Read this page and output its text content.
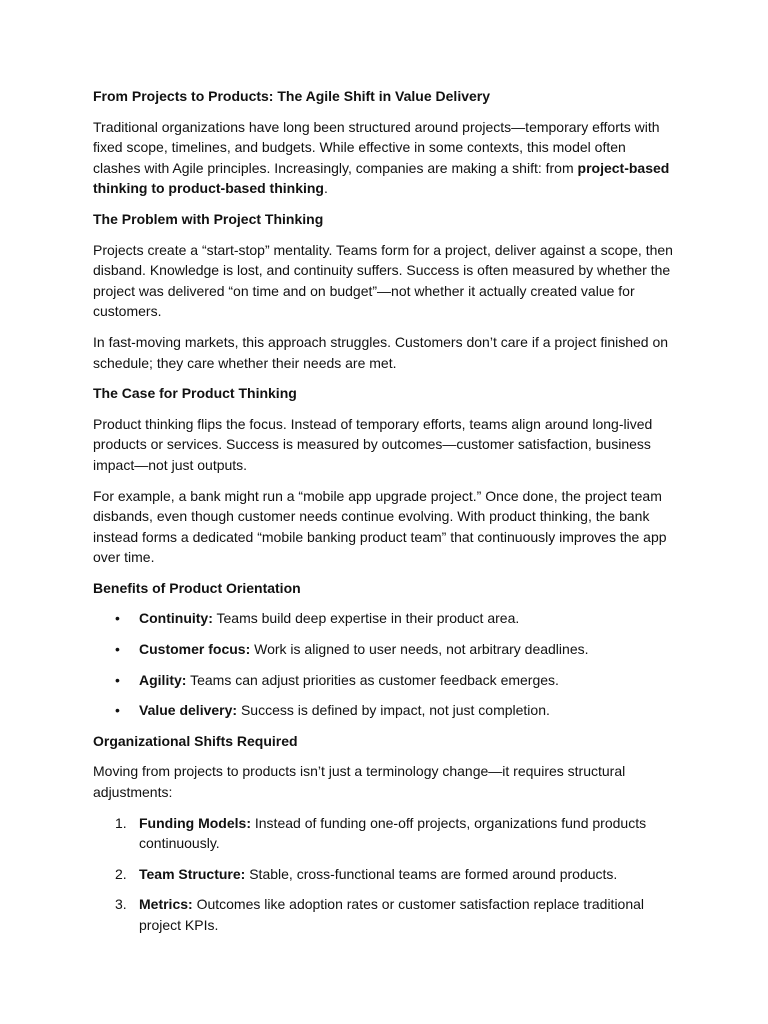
From Projects to Products: The Agile Shift in Value Delivery

Traditional organizations have long been structured around projects—temporary efforts with fixed scope, timelines, and budgets. While effective in some contexts, this model often clashes with Agile principles. Increasingly, companies are making a shift: from project-based thinking to product-based thinking.

The Problem with Project Thinking

Projects create a “start-stop” mentality. Teams form for a project, deliver against a scope, then disband. Knowledge is lost, and continuity suffers. Success is often measured by whether the project was delivered “on time and on budget”—not whether it actually created value for customers.

In fast-moving markets, this approach struggles. Customers don’t care if a project finished on schedule; they care whether their needs are met.

The Case for Product Thinking

Product thinking flips the focus. Instead of temporary efforts, teams align around long-lived products or services. Success is measured by outcomes—customer satisfaction, business impact—not just outputs.

For example, a bank might run a “mobile app upgrade project.” Once done, the project team disbands, even though customer needs continue evolving. With product thinking, the bank instead forms a dedicated “mobile banking product team” that continuously improves the app over time.

Benefits of Product Orientation

• Continuity: Teams build deep expertise in their product area.
• Customer focus: Work is aligned to user needs, not arbitrary deadlines.
• Agility: Teams can adjust priorities as customer feedback emerges.
• Value delivery: Success is defined by impact, not just completion.

Organizational Shifts Required

Moving from projects to products isn’t just a terminology change—it requires structural adjustments:

1. Funding Models: Instead of funding one-off projects, organizations fund products continuously.
2. Team Structure: Stable, cross-functional teams are formed around products.
3. Metrics: Outcomes like adoption rates or customer satisfaction replace traditional project KPIs.
